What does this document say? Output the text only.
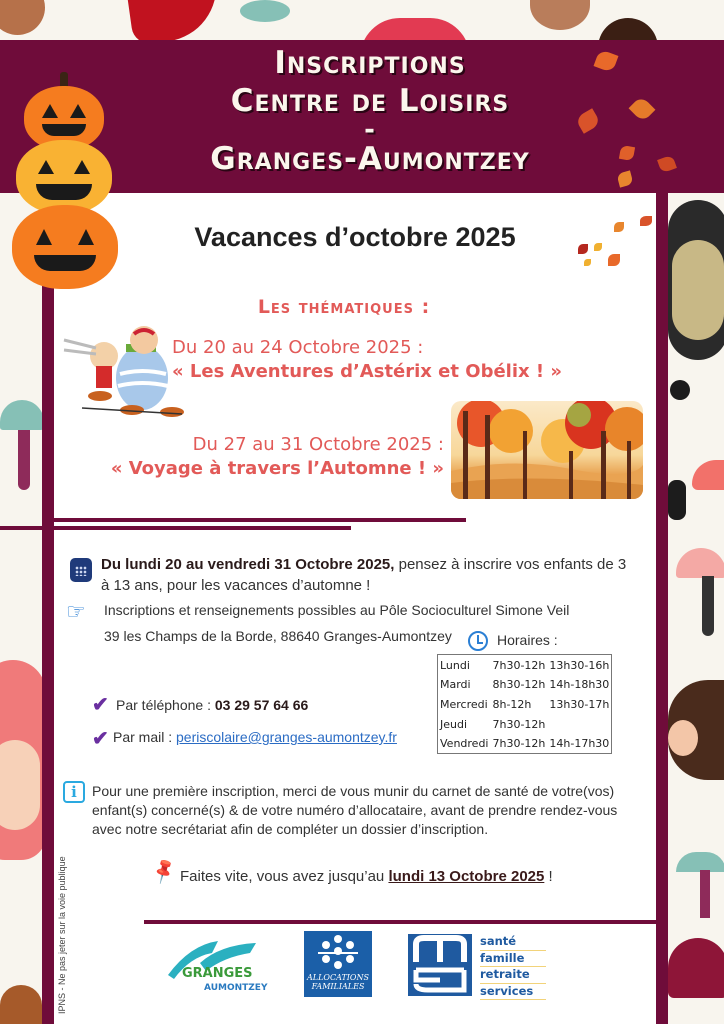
Inscriptions
Centre de Loisirs
-
Granges-Aumontzey
Vacances d’octobre 2025
Les thématiques :
Du 20 au 24 Octobre 2025 :
« Les Aventures d’Astérix et Obélix ! »
Du 27 au 31 Octobre 2025 :
« Voyage à travers l’Automne ! »
Du lundi 20 au vendredi 31 Octobre 2025, pensez à inscrire vos enfants de 3
à 13 ans, pour les vacances d’automne !
☞ Inscriptions et renseignements possibles au Pôle Socioculturel Simone Veil
39 les Champs de la Borde, 88640 Granges-Aumontzey	Horaires :
Lundi	7h30-12h	13h30-16h
Mardi	8h30-12h	14h-18h30
Mercredi	8h-12h	13h30-17h
Jeudi	7h30-12h	
Vendredi	7h30-12h	14h-17h30
✔ Par téléphone : 03 29 57 64 66
✔ Par mail : periscolaire@granges-aumontzey.fr
i	Pour une première inscription, merci de vous munir du carnet de santé de votre(vos)
enfant(s) concerné(s) & de votre numéro d’allocataire, avant de prendre rendez-vous
avec notre secrétariat afin de compléter un dossier d’inscription.
📌 Faites vite, vous avez jusqu’au lundi 13 Octobre 2025 !
IPNS - Ne pas jeter sur la voie publique	GRANGES
AUMONTZEY
ALLOCATIONS
FAMILIALES
msa	santé
famille
retraite
services
